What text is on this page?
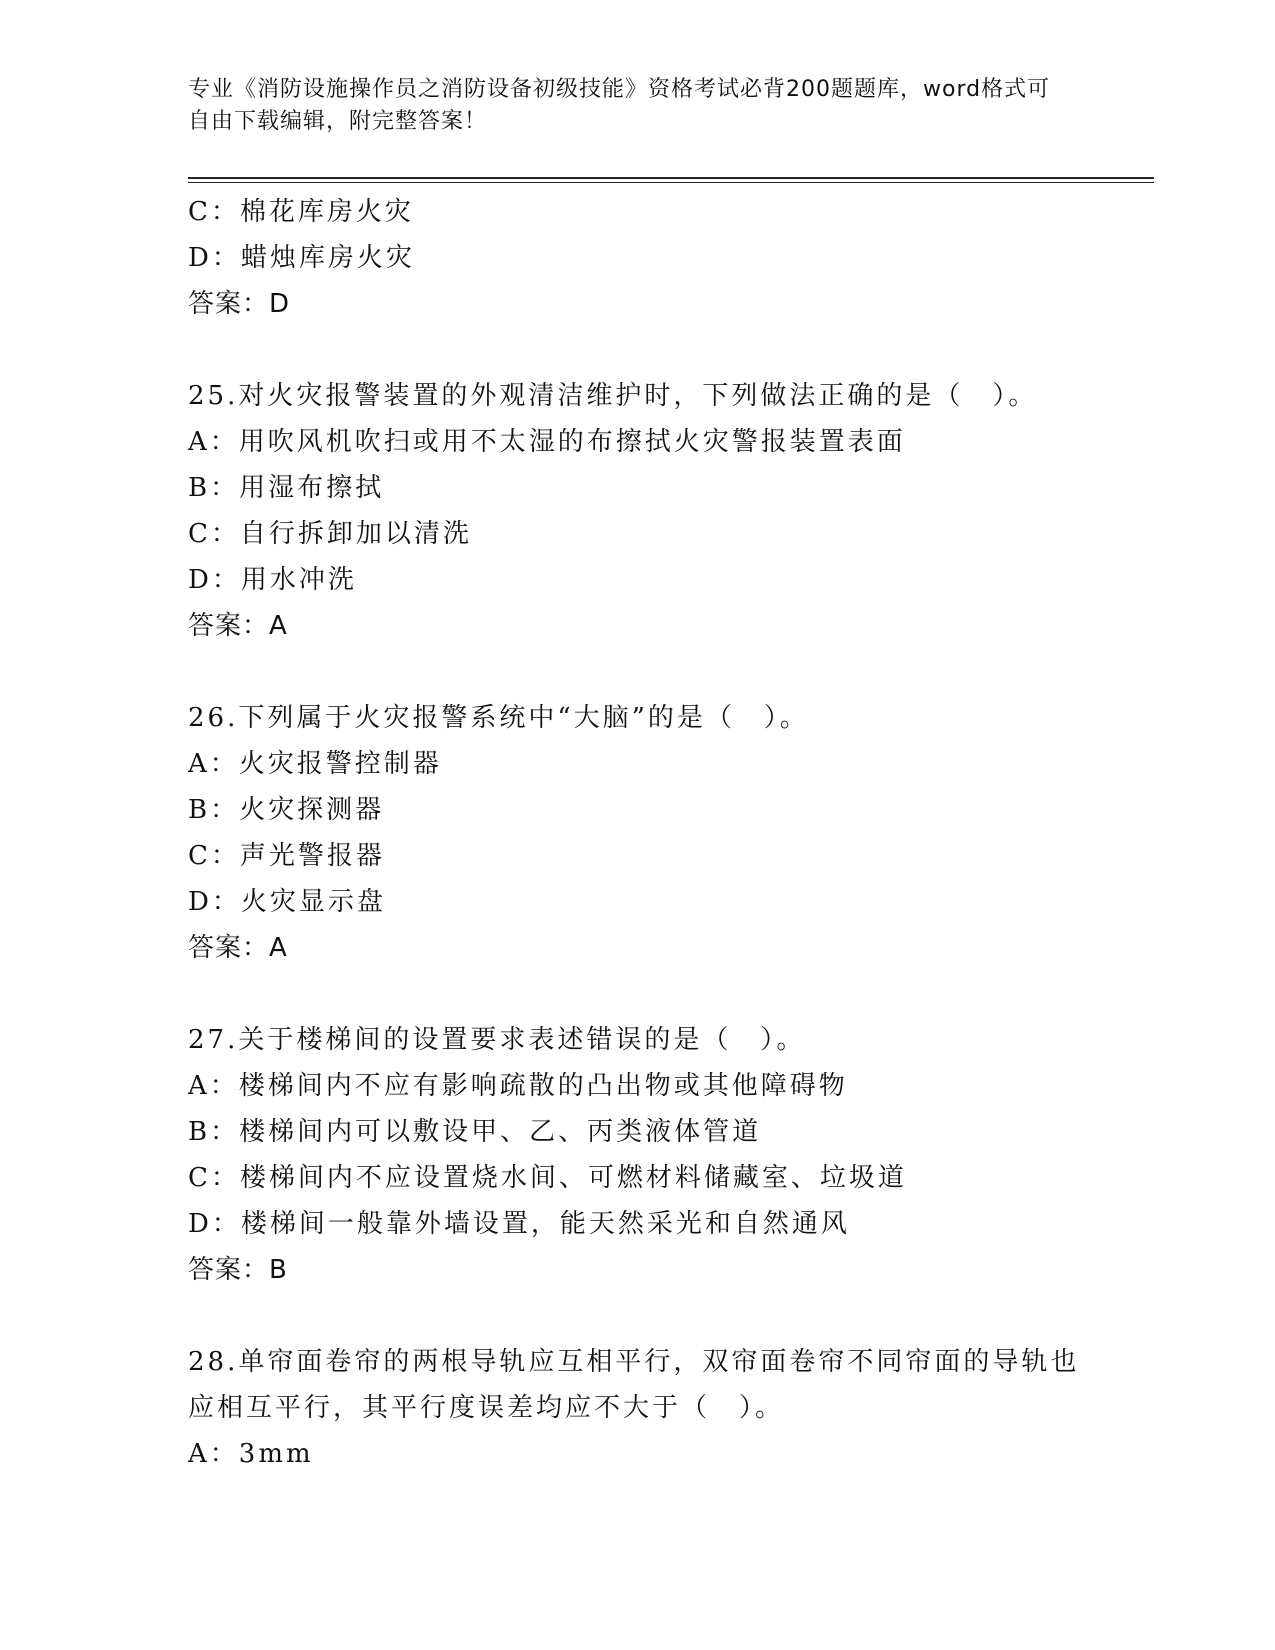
专业《消防设施操作员之消防设备初级技能》资格考试必背200题题库，word格式可自由下载编辑，附完整答案！
C：棉花库房火灾
D：蜡烛库房火灾
答案：D
25.对火灾报警装置的外观清洁维护时，下列做法正确的是（　）。
A：用吹风机吹扫或用不太湿的布擦拭火灾警报装置表面
B：用湿布擦拭
C：自行拆卸加以清洗
D：用水冲洗
答案：A
26.下列属于火灾报警系统中“大脑”的是（　）。
A：火灾报警控制器
B：火灾探测器
C：声光警报器
D：火灾显示盘
答案：A
27.关于楼梯间的设置要求表述错误的是（　）。
A：楼梯间内不应有影响疏散的凸出物或其他障碍物
B：楼梯间内可以敷设甲、乙、丙类液体管道
C：楼梯间内不应设置烧水间、可燃材料储藏室、垃圾道
D：楼梯间一般靠外墙设置，能天然采光和自然通风
答案：B
28.单帘面卷帘的两根导轨应互相平行，双帘面卷帘不同帘面的导轨也
应相互平行，其平行度误差均应不大于（　）。
A：3mm
